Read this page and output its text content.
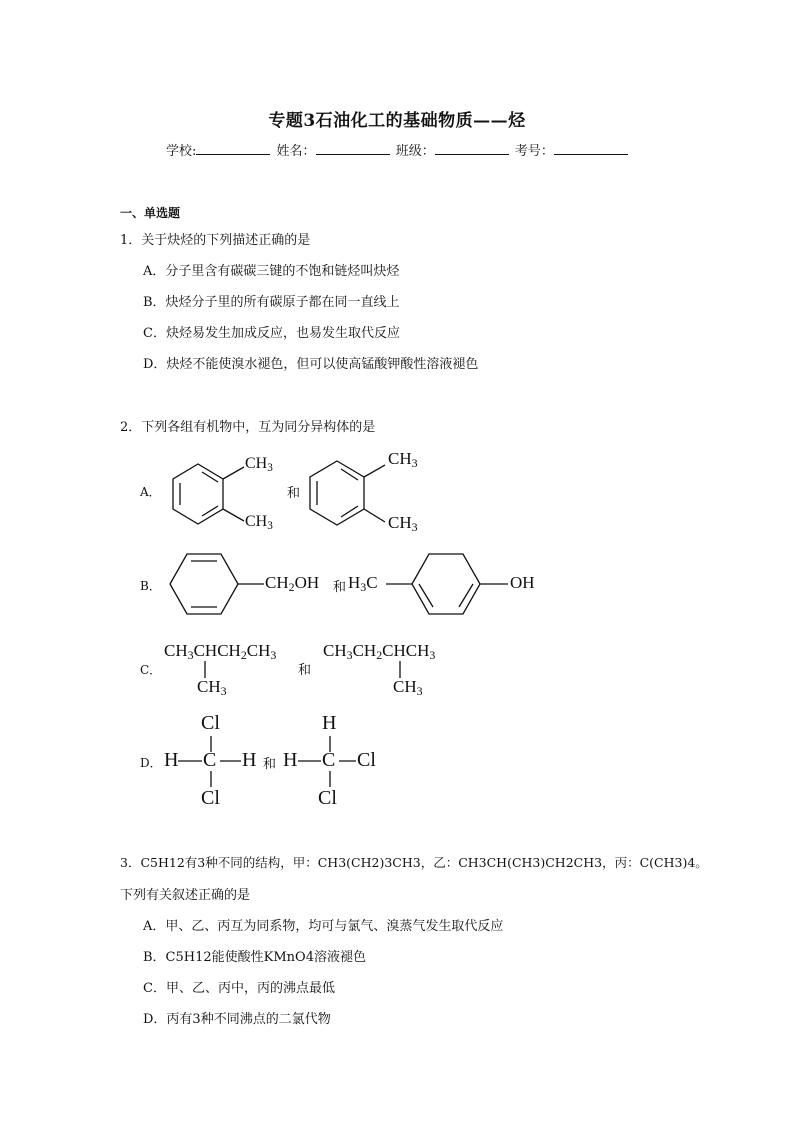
专题3石油化工的基础物质——烃
学校:	姓名：	班级：	考号：
一、单选题
1．关于炔烃的下列描述正确的是
A．分子里含有碳碳三键的不饱和链烃叫炔烃
B．炔烃分子里的所有碳原子都在同一直线上
C．炔烃易发生加成反应，也易发生取代反应
D．炔烃不能使溴水褪色，但可以使高锰酸钾酸性溶液褪色
2．下列各组有机物中，互为同分异构体的是
A．
$CH_3$
$CH_3$
和
$CH_3$
$CH_3$
B．	$CH_2OH$ 和 $H_3C$	OH
C．
$CH_3CHCH_2CH_3$
$CH_3$
和
$CH_3CH_2CHCH_3$
$CH_3$
D．
Cl
H C H
Cl
和
H
H C Cl
Cl
3．C5H12有3种不同的结构，甲：CH3(CH2)3CH3，乙：CH3CH(CH3)CH2CH3，丙：C(CH3)4。
下列有关叙述正确的是
A．甲、乙、丙互为同系物，均可与氯气、溴蒸气发生取代反应
B．C5H12能使酸性KMnO4溶液褪色
C．甲、乙、丙中，丙的沸点最低
D．丙有3种不同沸点的二氯代物
